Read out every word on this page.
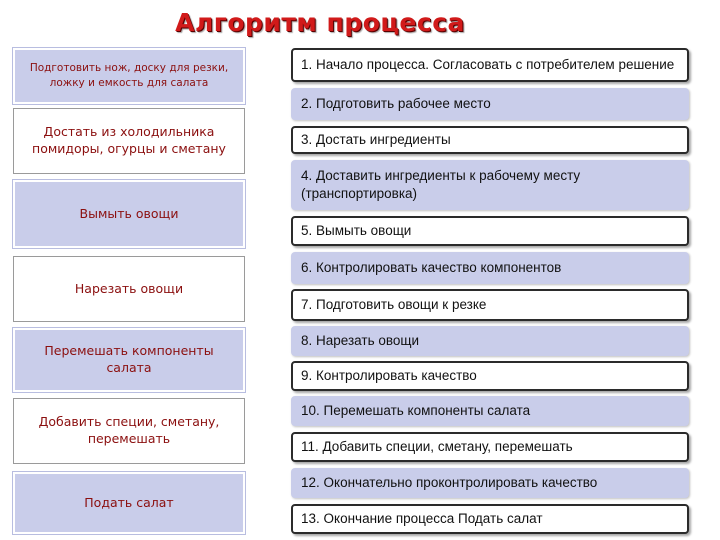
Алгоритм процесса
Подготовить нож, доску для резки, ложку и емкость для салата
Достать из холодильника помидоры, огурцы и сметану
Вымыть овощи
Нарезать овощи
Перемешать компоненты салата
Добавить специи, сметану, перемешать
Подать салат
1. Начало процесса. Согласовать с потребителем решение
2. Подготовить рабочее место
3. Достать ингредиенты
4. Доставить ингредиенты к рабочему месту (транспортировка)
5. Вымыть овощи
6. Контролировать качество компонентов
7. Подготовить овощи к резке
8. Нарезать овощи
9. Контролировать качество
10. Перемешать компоненты салата
11. Добавить специи, сметану, перемешать
12. Окончательно проконтролировать качество
13. Окончание процесса Подать салат
